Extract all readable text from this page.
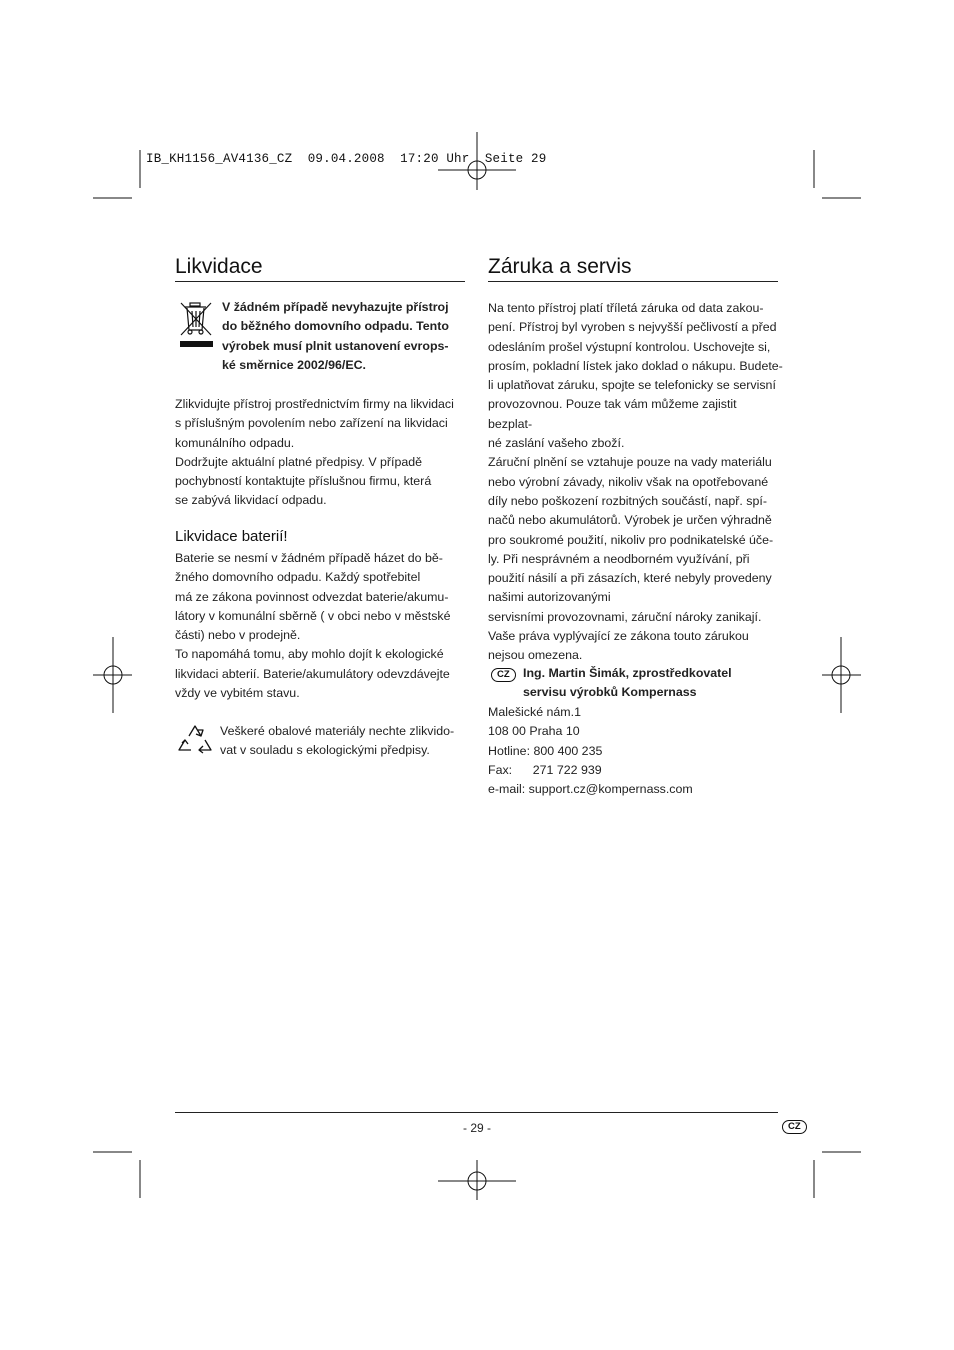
IB_KH1156_AV4136_CZ  09.04.2008  17:20 Uhr  Seite 29
Likvidace

V žádném případě nevyhazujte přístroj

do běžného domovního odpadu. Tento

výrobek musí plnit ustanovení evrops-

ké směrnice 2002/96/EC.

Zlikvidujte přístroj prostřednictvím firmy na likvidaci

s příslušným povolením nebo zařízení na likvidaci

komunálního odpadu.

Dodržujte aktuální platné předpisy. V případě

pochybností kontaktujte příslušnou firmu, která

se zabývá likvidací odpadu.

Likvidace baterií!

Baterie se nesmí v žádném případě házet do bě-

žného domovního odpadu. Každý spotřebitel

má ze zákona povinnost odvezdat baterie/akumu-

látory v komunální sběrně ( v obci nebo v městské

části) nebo v prodejně.

To napomáhá tomu, aby mohlo dojít k ekologické

likvidaci abterií. Baterie/akumulátory odevzdávejte

vždy ve vybitém stavu.

Veškeré obalové materiály nechte zlikvido-

vat v souladu s ekologickými předpisy.

Záruka a servis

Na tento přístroj platí tříletá záruka od data zakou-

pení. Přístroj byl vyroben s nejvyšší pečlivostí a před

odesláním prošel výstupní kontrolou. Uschovejte si,

prosím, pokladní lístek jako doklad o nákupu. Budete-

li uplatňovat záruku, spojte se telefonicky se servisní

provozovnou. Pouze tak vám můžeme zajistit bezplat-

né zaslání vašeho zboží.

Záruční plnění se vztahuje pouze na vady materiálu

nebo výrobní závady, nikoliv však na opotřebované

díly nebo poškození rozbitných součástí, např. spí-

načů nebo akumulátorů. Výrobek je určen výhradně

pro soukromé použití, nikoliv pro podnikatelské úče-

ly. Při nesprávném a neodborném využívání, při

použití násilí a při zásazích, které nebyly provedeny

našimi autorizovanými

servisními provozovnami, záruční nároky zanikají.

Vaše práva vyplývající ze zákona touto zárukou

nejsou omezena.

CZ	Ing. Martin Šimák, zprostředkovatel

servisu výrobků Kompernass

Malešické nám.1

108 00 Praha 10

Hotline: 800 400 235

Fax:      271 722 939

e-mail: support.cz@kompernass.com

- 29 -	CZ
